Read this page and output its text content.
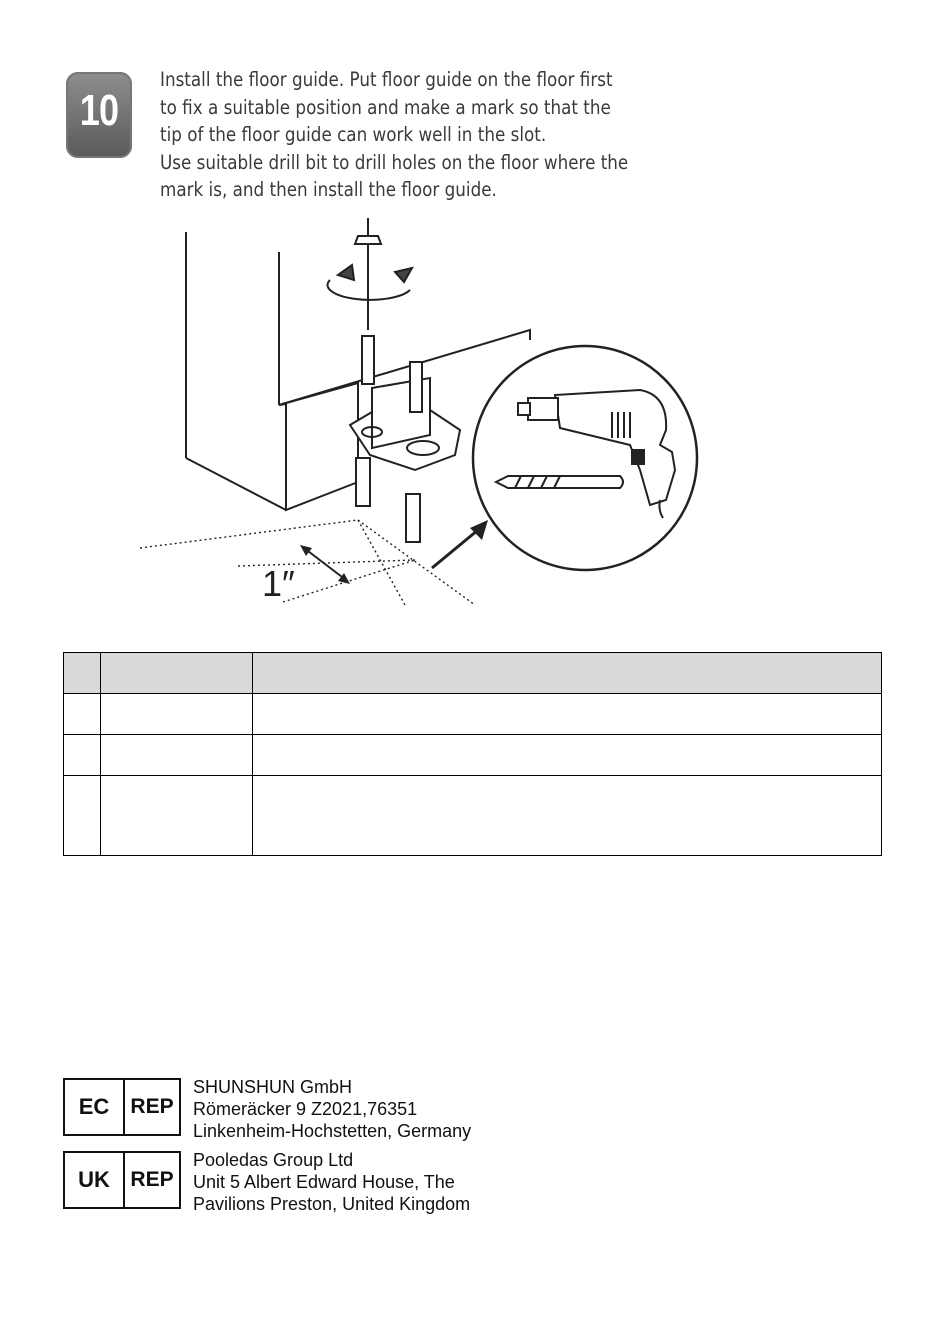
10
Install the floor guide. Put floor guide on the floor first
to fix a suitable position and make a mark so that the
tip of the floor guide can work well in the slot.
Use suitable drill bit to drill holes on the floor where the
mark is, and then install the floor guide.
1″

EC	REP
SHUNSHUN GmbH
Römeräcker 9 Z2021,76351
Linkenheim-Hochstetten, Germany
UK REP
Pooledas Group Ltd
Unit 5 Albert Edward House, The
Pavilions Preston, United Kingdom
